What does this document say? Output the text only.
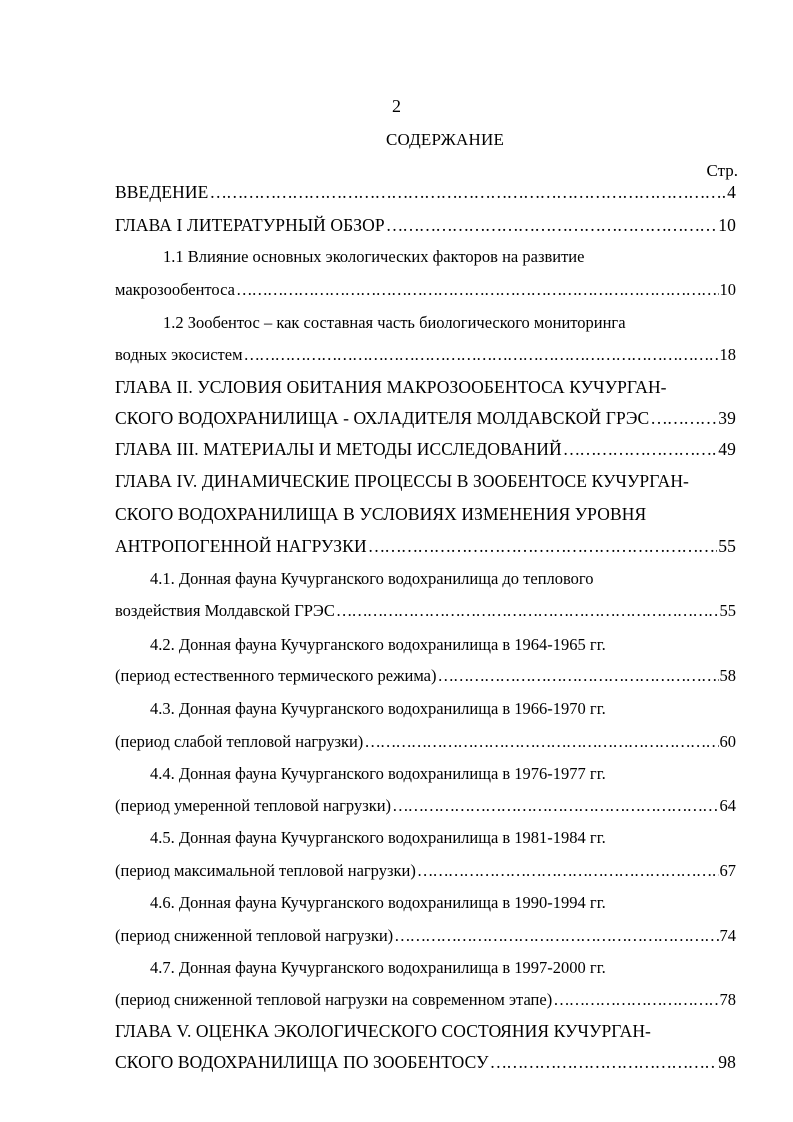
2
СОДЕРЖАНИЕ
Стр.
ВВЕДЕНИЕ ………………………………………………………………………………………………………………………………………………………………………………	4
ГЛАВА I ЛИТЕРАТУРНЫЙ ОБЗОР ………………………………………………………………………………………………………………………………………………………………………………	10
1.1 Влияние основных экологических факторов на развитие
макрозообентоса ………………………………………………………………………………………………………………………………………………………………………………	10
1.2 Зообентос – как составная часть биологического мониторинга
водных экосистем ………………………………………………………………………………………………………………………………………………………………………………	18
ГЛАВА II. УСЛОВИЯ ОБИТАНИЯ МАКРОЗООБЕНТОСА КУЧУРГАН-
СКОГО ВОДОХРАНИЛИЩА - ОХЛАДИТЕЛЯ МОЛДАВСКОЙ ГРЭС ………………………………………………………………………………………………………………………………………………………………………………	39
ГЛАВА III. МАТЕРИАЛЫ И МЕТОДЫ ИССЛЕДОВАНИЙ ………………………………………………………………………………………………………………………………………………………………………………	49
ГЛАВА IV. ДИНАМИЧЕСКИЕ ПРОЦЕССЫ В ЗООБЕНТОСЕ КУЧУРГАН-
СКОГО ВОДОХРАНИЛИЩА В УСЛОВИЯХ ИЗМЕНЕНИЯ УРОВНЯ
АНТРОПОГЕННОЙ НАГРУЗКИ ………………………………………………………………………………………………………………………………………………………………………………	55
4.1. Донная фауна Кучурганского водохранилища до теплового
воздействия Молдавской ГРЭС ………………………………………………………………………………………………………………………………………………………………………………	55
4.2. Донная фауна Кучурганского водохранилища в 1964-1965 гг.
(период естественного термического режима) ………………………………………………………………………………………………………………………………………………………………………………	58
4.3. Донная фауна Кучурганского водохранилища в 1966-1970 гг.
(период слабой тепловой нагрузки) ………………………………………………………………………………………………………………………………………………………………………………	60
4.4. Донная фауна Кучурганского водохранилища в 1976-1977 гг.
(период умеренной тепловой нагрузки) ………………………………………………………………………………………………………………………………………………………………………………	64
4.5. Донная фауна Кучурганского водохранилища в 1981-1984 гг.
(период максимальной тепловой нагрузки) ………………………………………………………………………………………………………………………………………………………………………………	67
4.6. Донная фауна Кучурганского водохранилища в 1990-1994 гг.
(период сниженной тепловой нагрузки) ………………………………………………………………………………………………………………………………………………………………………………	74
4.7. Донная фауна Кучурганского водохранилища в 1997-2000 гг.
(период сниженной тепловой нагрузки на современном этапе) ………………………………………………………………………………………………………………………………………………………………………………	78
ГЛАВА V. ОЦЕНКА ЭКОЛОГИЧЕСКОГО СОСТОЯНИЯ КУЧУРГАН-
СКОГО ВОДОХРАНИЛИЩА ПО ЗООБЕНТОСУ ………………………………………………………………………………………………………………………………………………………………………………	98
